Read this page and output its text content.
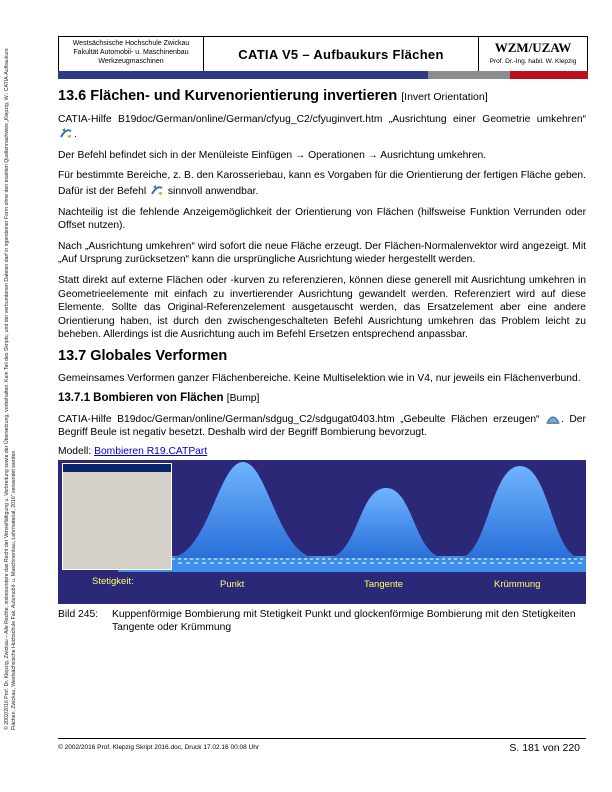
© 2002/2016 Prof. Dr. Klepzig, Zwickau – Alle Rechte, insbesondere das Recht der Vervielfältigung u. Verbreitung sowie der Übersetzung, vorbehalten. Kein Teil des Skripts, und der verbundenen Dateien darf in irgendeiner Form ohne den exakten Quellennachweis „Klepzig, W.: CATIA-Aufbaukurs Flächen, Zwickau, Westsächsische Hochschule Fak. Automobil- u. Maschinenbau, Lehrmaterial, 2016“ verwendet werden.
Westsächsische Hochschule Zwickau
Fakultät Automobil- u. Maschinenbau
Werkzeugmaschinen	CATIA V5 – Aufbaukurs Flächen	WZM/UZAW
Prof. Dr.-Ing. habil. W. Klepzig
13.6 Flächen- und Kurvenorientierung invertieren [Invert Orientation]

CATIA-Hilfe B19doc/German/online/German/cfyug_C2/cfyuginvert.htm „Ausrichtung einer Geometrie umkehren“ .

Der Befehl befindet sich in der Menüleiste Einfügen → Operationen → Ausrichtung umkehren.

Für bestimmte Bereiche, z. B. den Karosseriebau, kann es Vorgaben für die Orientierung der fertigen Fläche geben. Dafür ist der Befehl sinnvoll anwendbar.

Nachteilig ist die fehlende Anzeigemöglichkeit der Orientierung von Flächen (hilfsweise Funktion Verrunden oder Offset nutzen).

Nach „Ausrichtung umkehren“ wird sofort die neue Fläche erzeugt. Der Flächen-Normalenvektor wird angezeigt. Mit „Auf Ursprung zurücksetzen“ kann die ursprüngliche Ausrichtung wieder hergestellt werden.

Statt direkt auf externe Flächen oder -kurven zu referenzieren, können diese generell mit Ausrichtung umkehren in Geometrieelemente mit einfach zu invertierender Ausrichtung gewandelt werden. Referenziert wird auf diese Elemente. Sollte das Original-Referenzelement ausgetauscht werden, das Ersatzelement aber eine andere Orientierung haben, ist durch den zwischengeschalteten Befehl Ausrichtung umkehren das Problem leicht zu beheben. Allerdings ist die Ausrichtung auch im Befehl Ersetzen entsprechend anpassbar.

13.7 Globales Verformen

Gemeinsames Verformen ganzer Flächenbereiche. Keine Multiselektion wie in V4, nur jeweils ein Flächenverbund.

13.7.1 Bombieren von Flächen [Bump]

CATIA-Hilfe B19doc/German/online/German/sdgug_C2/sdgugat0403.htm „Gebeulte Flächen erzeugen“ . Der Begriff Beule ist negativ besetzt. Deshalb wird der Begriff Bombierung bevorzugt.

Modell: Bombieren R19.CATPart

Stetigkeit:	Punkt	Tangente	Krümmung
Bild 245:	Kuppenförmige Bombierung mit Stetigkeit Punkt und glockenförmige Bombierung mit den Stetigkeiten Tangente oder Krümmung
© 2002/2016 Prof. Klepzig Skript 2016.doc, Druck 17.02.16 00:08 Uhr	S. 181 von 220
